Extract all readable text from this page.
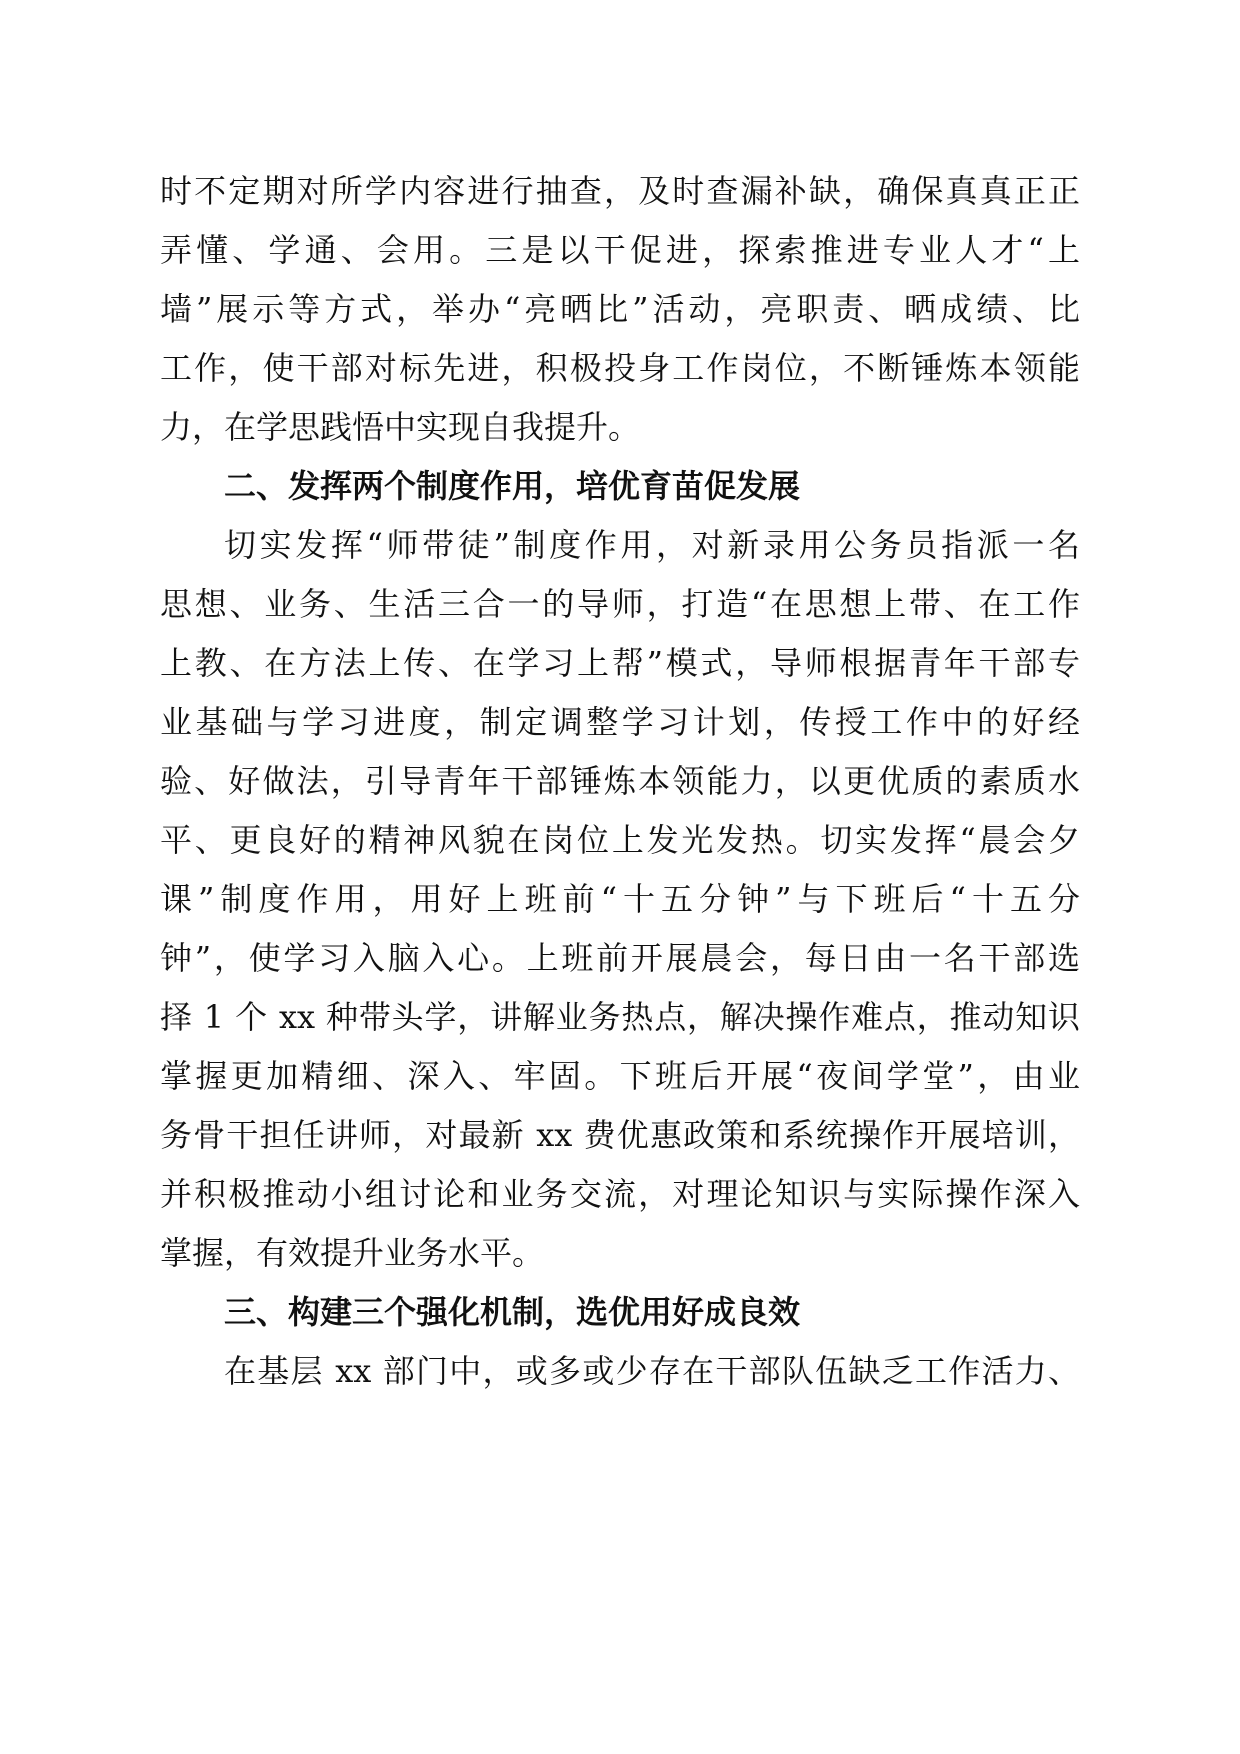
时不定期对所学内容进行抽查，及时查漏补缺，确保真真正正

弄懂、学通、会用。三是以干促进，探索推进专业人才“上

墙”展示等方式，举办“亮晒比”活动，亮职责、晒成绩、比

工作，使干部对标先进，积极投身工作岗位，不断锤炼本领能

力，在学思践悟中实现自我提升。

二、发挥两个制度作用，培优育苗促发展

切实发挥“师带徒”制度作用，对新录用公务员指派一名

思想、业务、生活三合一的导师，打造“在思想上带、在工作

上教、在方法上传、在学习上帮”模式，导师根据青年干部专

业基础与学习进度，制定调整学习计划，传授工作中的好经

验、好做法，引导青年干部锤炼本领能力，以更优质的素质水

平、更良好的精神风貌在岗位上发光发热。切实发挥“晨会夕

课”制度作用，用好上班前“十五分钟”与下班后“十五分

钟”，使学习入脑入心。上班前开展晨会，每日由一名干部选

择 1 个 xx 种带头学，讲解业务热点，解决操作难点，推动知识

掌握更加精细、深入、牢固。下班后开展“夜间学堂”，由业

务骨干担任讲师，对最新 xx 费优惠政策和系统操作开展培训，

并积极推动小组讨论和业务交流，对理论知识与实际操作深入

掌握，有效提升业务水平。

三、构建三个强化机制，选优用好成良效

在基层 xx 部门中，或多或少存在干部队伍缺乏工作活力、
